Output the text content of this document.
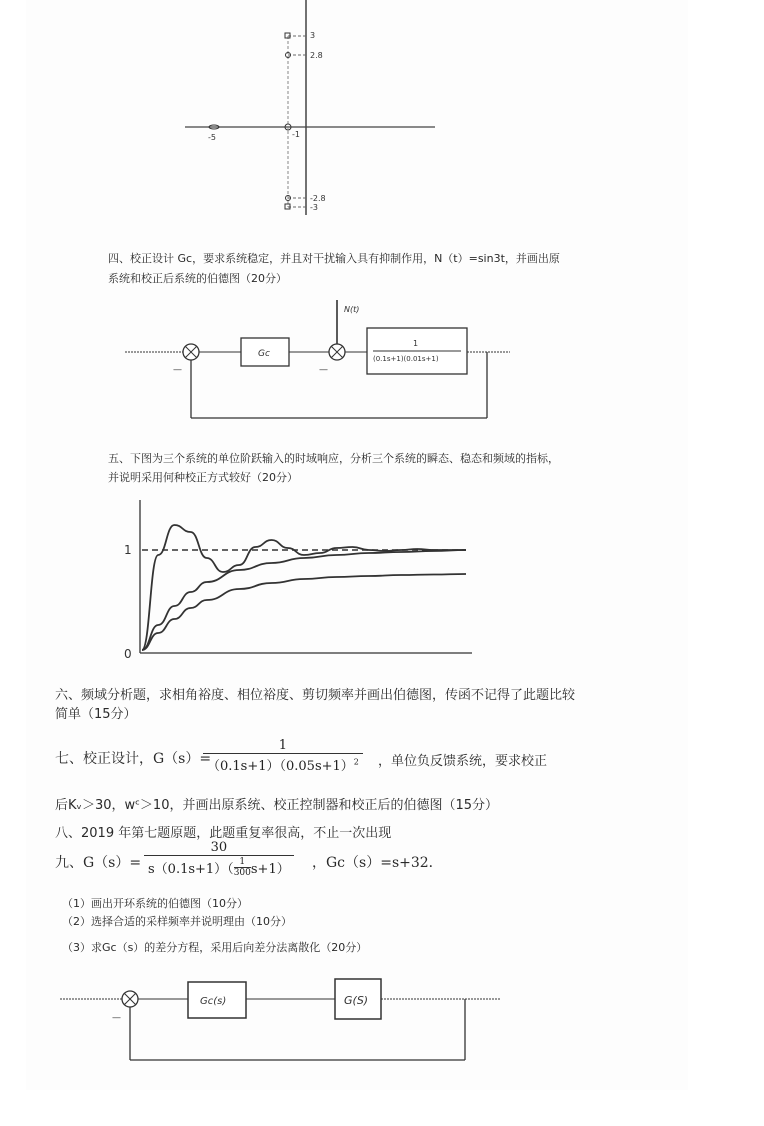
3
2.8
-1
-2.8
-3
-5
四、校正设计 Gс，要求系统稳定，并且对干扰输入具有抑制作用，N（t）=sin3t，并画出原
系统和校正后系统的伯德图（20分）
Gc
N(t)
1
(0.1s+1)(0.01s+1)
—	—
五、下图为三个系统的单位阶跃输入的时域响应，分析三个系统的瞬态、稳态和频域的指标，
并说明采用何种校正方式较好（20分）
1
0
六、频域分析题，求相角裕度、相位裕度、剪切频率并画出伯德图，传函不记得了此题比较
简单（15分）
七、校正设计，G（s）=
$\frac{1}{(0.1s+1)(0.05s+1)^2}$ ，单位负反馈系统，要求校正
后Kᵥ＞30，wᶜ＞10，并画出原系统、校正控制器和校正后的伯德图（15分）
八、2019 年第七题原题，此题重复率很高，不止一次出现
九、$G(s)= \frac{30}{s(0.1s+1)( \frac{1}{300} s+1)}$ ，Gc（s）=s+32．
（1）画出开环系统的伯德图（10分）
（2）选择合适的采样频率并说明理由（10分）
（3）求Gc（s）的差分方程，采用后向差分法离散化（20分）
Gc(s)	G(S)
—
